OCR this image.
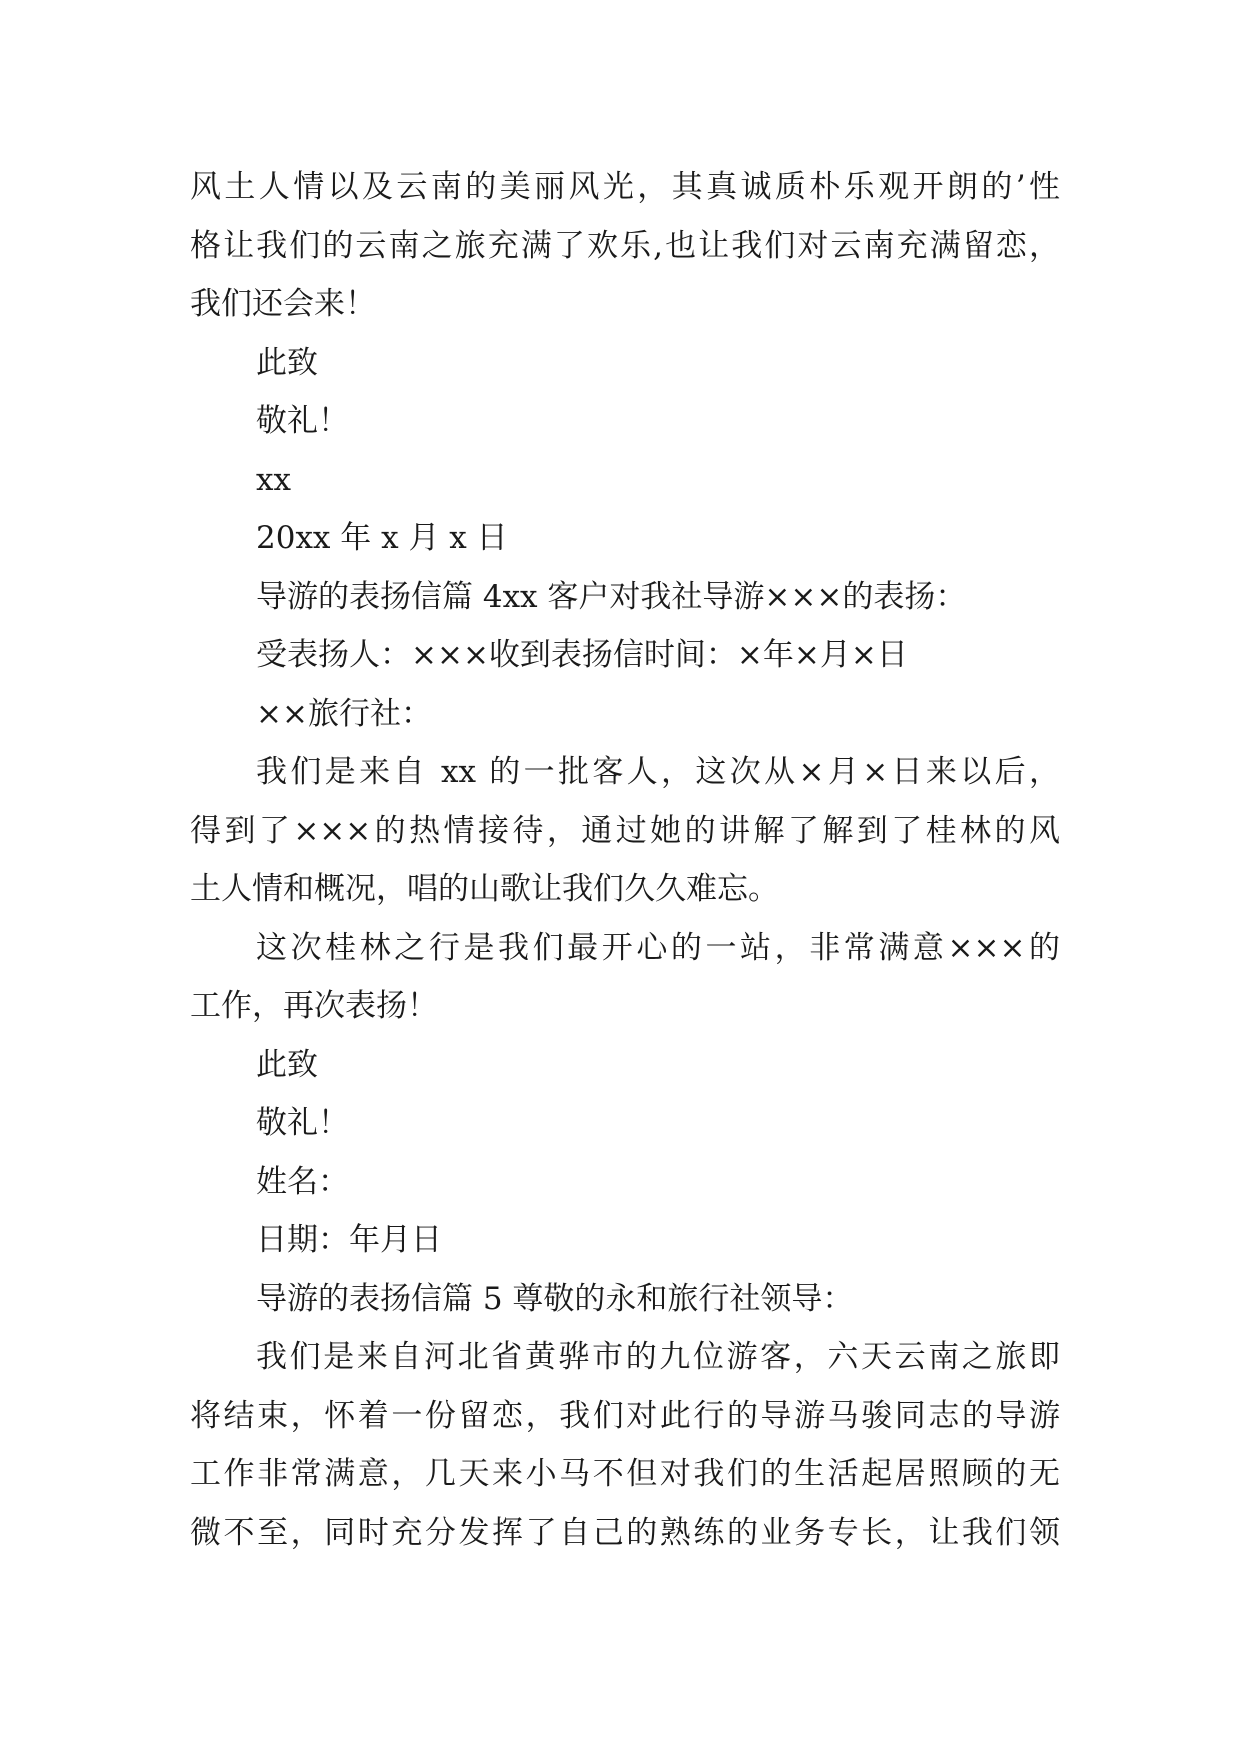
风土人情以及云南的美丽风光，其真诚质朴乐观开朗的’性
格让我们的云南之旅充满了欢乐,也让我们对云南充满留恋，
我们还会来！
此致
敬礼！
xx
20xx 年 x 月 x 日
导游的表扬信篇 4xx 客户对我社导游×××的表扬：
受表扬人：×××收到表扬信时间：×年×月×日
××旅行社：
我们是来自 xx 的一批客人，这次从×月×日来以后，
得到了×××的热情接待，通过她的讲解了解到了桂林的风
土人情和概况，唱的山歌让我们久久难忘。
这次桂林之行是我们最开心的一站，非常满意×××的
工作，再次表扬！
此致
敬礼！
姓名：
日期：年月日
导游的表扬信篇 5 尊敬的永和旅行社领导：
我们是来自河北省黄骅市的九位游客，六天云南之旅即
将结束，怀着一份留恋，我们对此行的导游马骏同志的导游
工作非常满意，几天来小马不但对我们的生活起居照顾的无
微不至，同时充分发挥了自己的熟练的业务专长，让我们领
